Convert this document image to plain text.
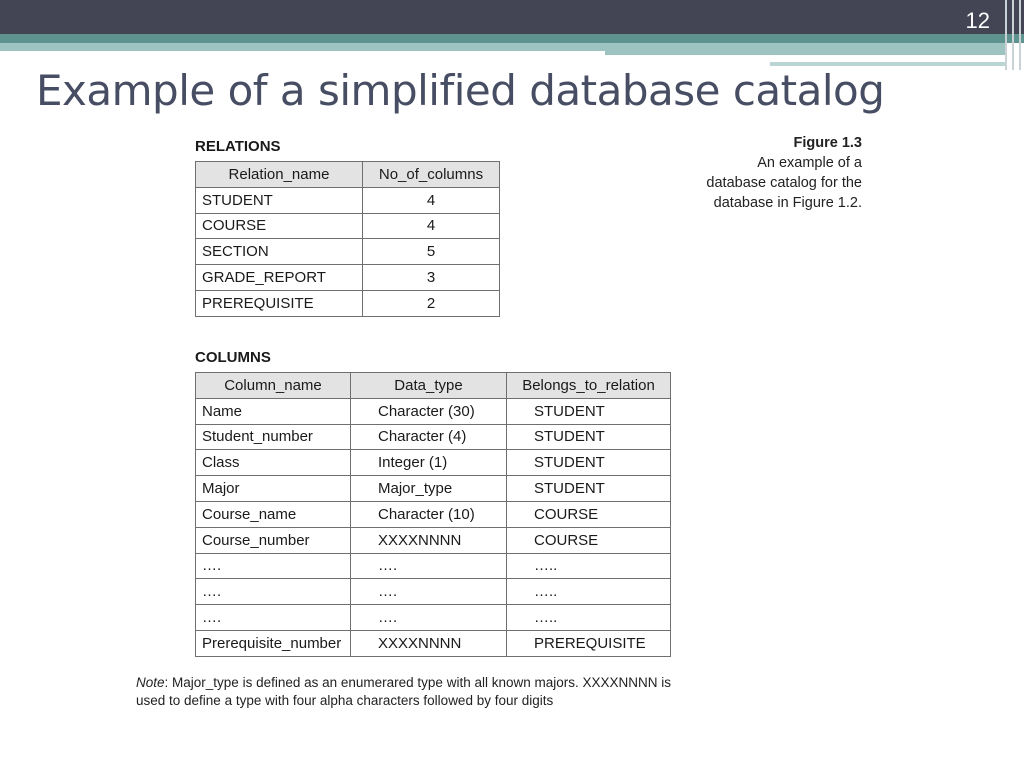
12
Example of a simplified database catalog
RELATIONS
Relation_name	No_of_columns
STUDENT	4
COURSE	4
SECTION	5
GRADE_REPORT	3
PREREQUISITE	2
Figure 1.3
An example of a
database catalog for the
database in Figure 1.2.
COLUMNS
Column_name	Data_type	Belongs_to_relation
Name	Character (30)	STUDENT
Student_number	Character (4)	STUDENT
Class	Integer (1)	STUDENT
Major	Major_type	STUDENT
Course_name	Character (10)	COURSE
Course_number	XXXXNNNN	COURSE
….	….	…..
….	….	…..
….	….	…..
Prerequisite_number	XXXXNNNN	PREREQUISITE
Note: Major_type is defined as an enumerared type with all known majors. XXXXNNNN is used to define a type with four alpha characters followed by four digits
